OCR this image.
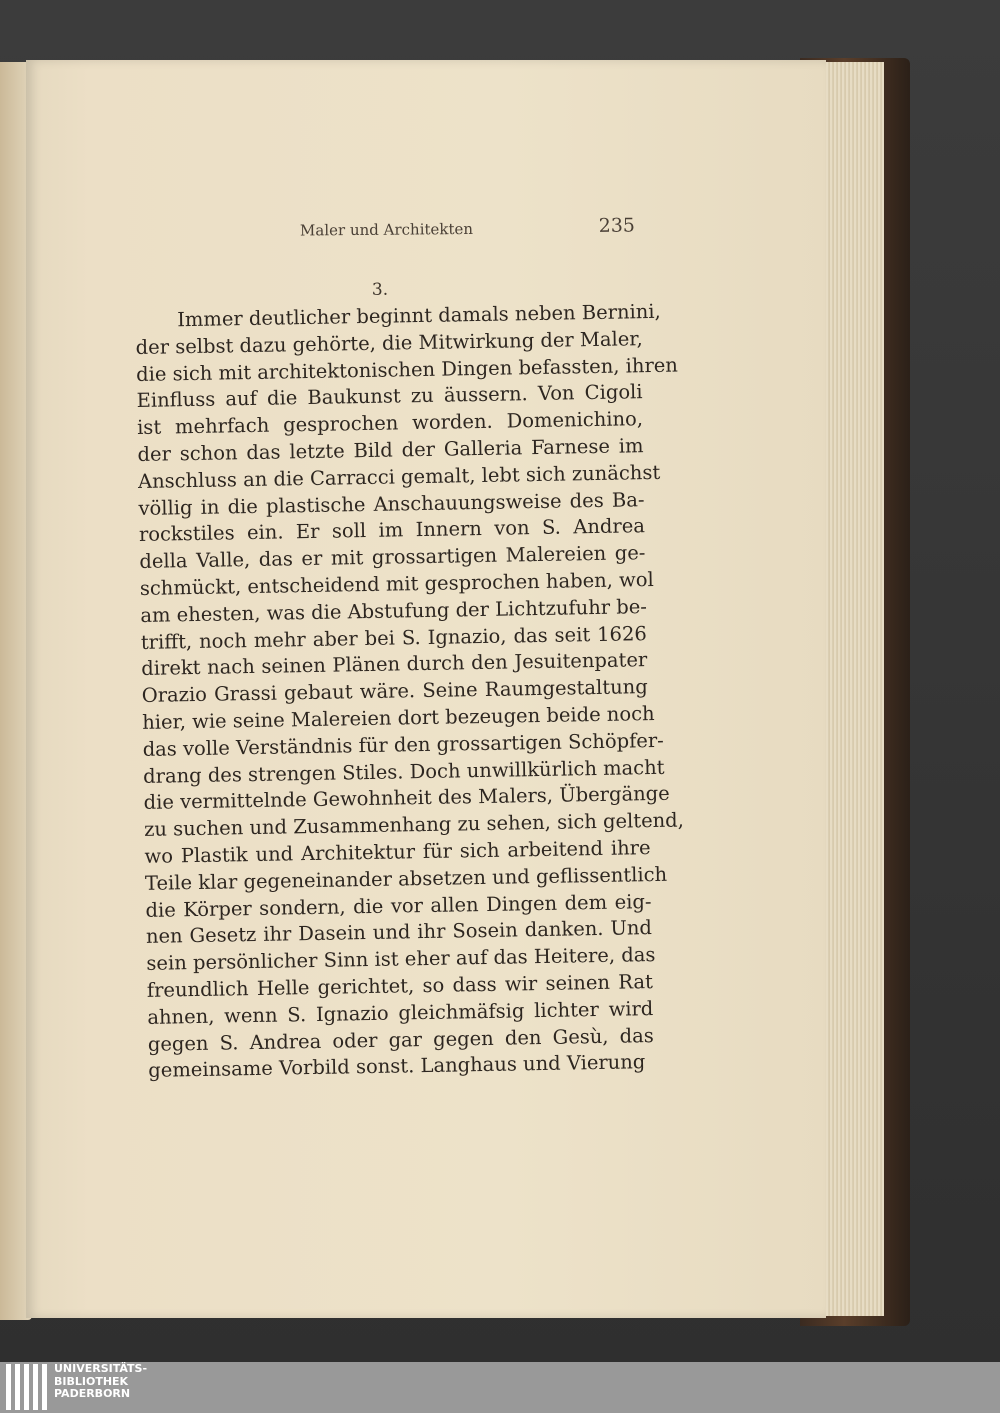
Maler und Architekten	235
3.
Immer deutlicher beginnt damals neben Bernini,
der selbst dazu gehörte, die Mitwirkung der Maler,
die sich mit architektonischen Dingen befassten, ihren
Einfluss auf die Baukunst zu äussern. Von Cigoli
ist mehrfach gesprochen worden. Domenichino,
der schon das letzte Bild der Galleria Farnese im
Anschluss an die Carracci gemalt, lebt sich zunächst
völlig in die plastische Anschauungsweise des Ba-
rockstiles ein. Er soll im Innern von S. Andrea
della Valle, das er mit grossartigen Malereien ge-
schmückt, entscheidend mit gesprochen haben, wol
am ehesten, was die Abstufung der Lichtzufuhr be-
trifft, noch mehr aber bei S. Ignazio, das seit 1626
direkt nach seinen Plänen durch den Jesuitenpater
Orazio Grassi gebaut wäre. Seine Raumgestaltung
hier, wie seine Malereien dort bezeugen beide noch
das volle Verständnis für den grossartigen Schöpfer-
drang des strengen Stiles. Doch unwillkürlich macht
die vermittelnde Gewohnheit des Malers, Übergänge
zu suchen und Zusammenhang zu sehen, sich geltend,
wo Plastik und Architektur für sich arbeitend ihre
Teile klar gegeneinander absetzen und geflissentlich
die Körper sondern, die vor allen Dingen dem eig-
nen Gesetz ihr Dasein und ihr Sosein danken. Und
sein persönlicher Sinn ist eher auf das Heitere, das
freundlich Helle gerichtet, so dass wir seinen Rat
ahnen, wenn S. Ignazio gleichmäfsig lichter wird
gegen S. Andrea oder gar gegen den Gesù, das
gemeinsame Vorbild sonst. Langhaus und Vierung
UNIVERSITÄTS-
BIBLIOTHEK
PADERBORN
